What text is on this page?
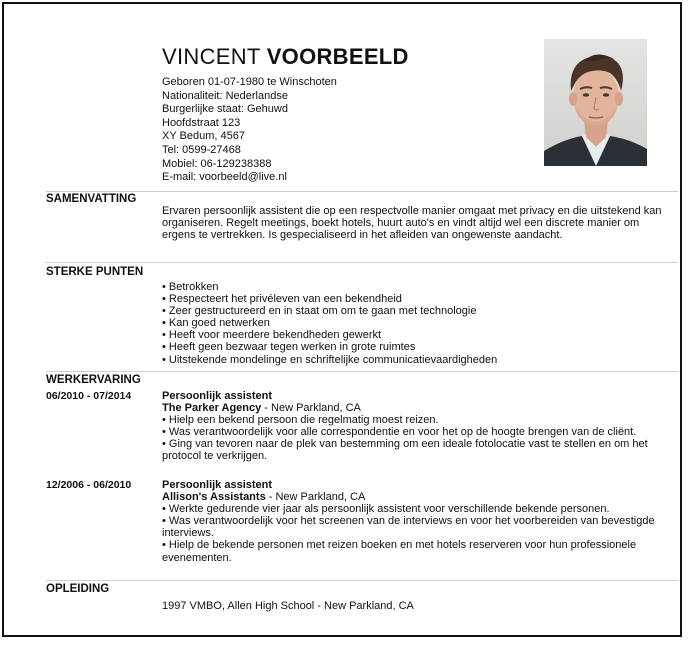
VINCENT VOORBEELD
Geboren 01-07-1980 te Winschoten
Nationaliteit: Nederlandse
Burgerlijke staat: Gehuwd
Hoofdstraat 123
XY Bedum, 4567
Tel: 0599-27468
Mobiel: 06-129238388
E-mail: voorbeeld@live.nl
SAMENVATTING
Ervaren persoonlijk assistent die op een respectvolle manier omgaat met privacy en die uitstekend kan organiseren. Regelt meetings, boekt hotels, huurt auto's en vindt altijd wel een discrete manier om ergens te vertrekken. Is gespecialiseerd in het afleiden van ongewenste aandacht.
STERKE PUNTEN
• Betrokken
• Respecteert het privéleven van een bekendheid
• Zeer gestructureerd en in staat om om te gaan met technologie
• Kan goed netwerken
• Heeft voor meerdere bekendheden gewerkt
• Heeft geen bezwaar tegen werken in grote ruimtes
• Uitstekende mondelinge en schriftelijke communicatievaardigheden
WERKERVARING
06/2010 - 07/2014	Persoonlijk assistent
The Parker Agency - New Parkland, CA
• Hielp een bekend persoon die regelmatig moest reizen.
• Was verantwoordelijk voor alle correspondentie en voor het op de hoogte brengen van de cliënt.
• Ging van tevoren naar de plek van bestemming om een ideale fotolocatie vast te stellen en om het protocol te verkrijgen.
12/2006 - 06/2010	Persoonlijk assistent
Allison's Assistants - New Parkland, CA
• Werkte gedurende vier jaar als persoonlijk assistent voor verschillende bekende personen.
• Was verantwoordelijk voor het screenen van de interviews en voor het voorbereiden van bevestigde interviews.
• Hielp de bekende personen met reizen boeken en met hotels reserveren voor hun professionele evenementen.
OPLEIDING
1997 VMBO, Allen High School - New Parkland, CA
